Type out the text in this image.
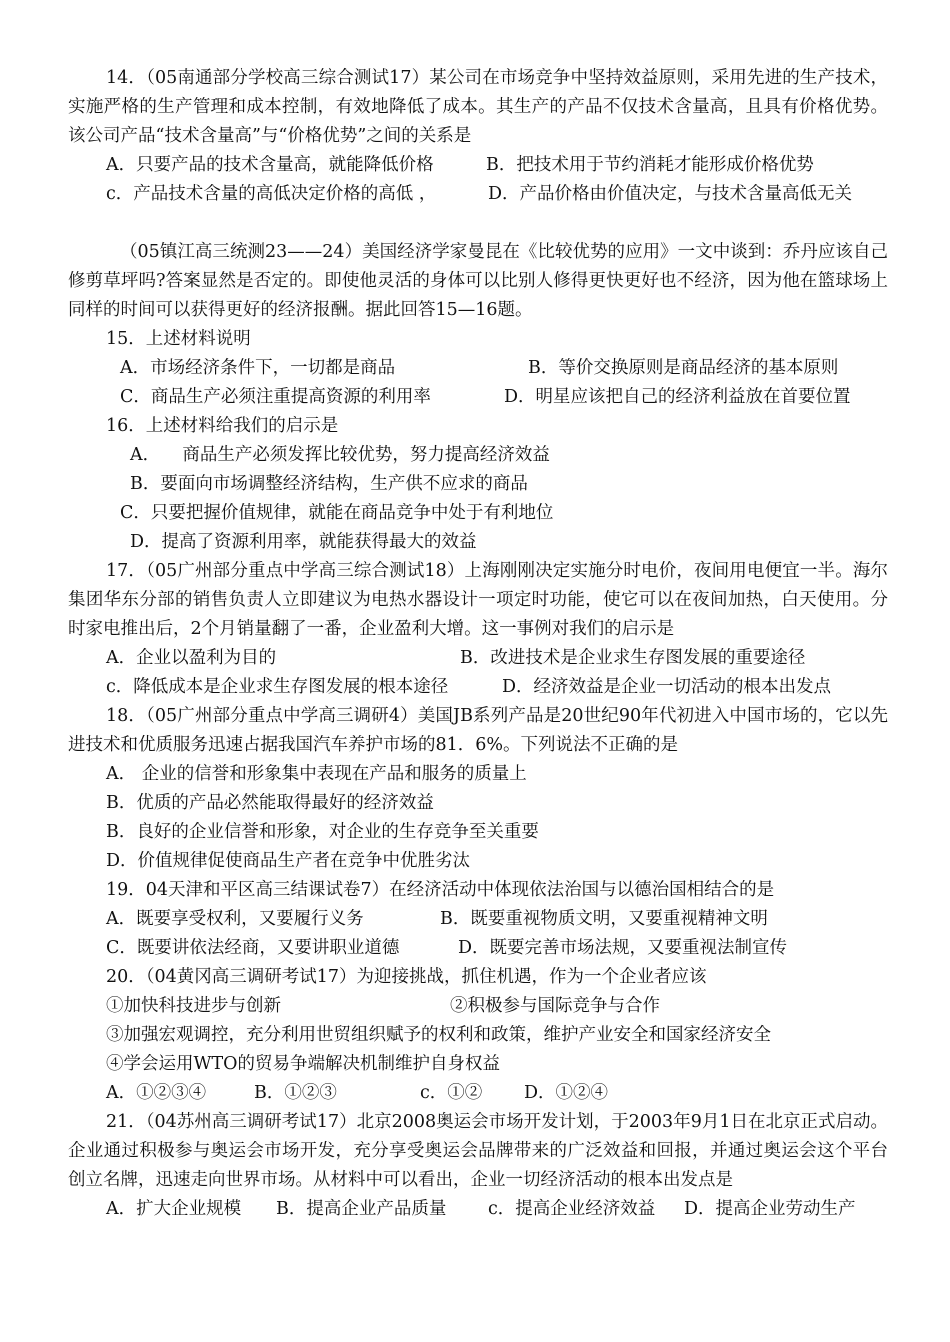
14．（05南通部分学校高三综合测试17）某公司在市场竞争中坚持效益原则，采用先进的生产技术，实施严格的生产管理和成本控制，有效地降低了成本。其生产的产品不仅技术含量高，且具有价格优势。该公司产品“技术含量高”与“价格优势”之间的关系是

A．只要产品的技术含量高，就能降低价格	B．把技术用于节约消耗才能形成价格优势
c．产品技术含量的高低决定价格的高低 ，	D．产品价格由价值决定，与技术含量高低无关

（05镇江高三统测23——24）美国经济学家曼昆在《比较优势的应用》一文中谈到：乔丹应该自己修剪草坪吗?答案显然是否定的。即使他灵活的身体可以比别人修得更快更好也不经济，因为他在篮球场上同样的时间可以获得更好的经济报酬。据此回答15—16题。

15．上述材料说明

A．市场经济条件下，一切都是商品	B．等价交换原则是商品经济的基本原则
C．商品生产必须注重提高资源的利用率	D．明星应该把自己的经济利益放在首要位置

16．上述材料给我们的启示是

A．    商品生产必须发挥比较优势，努力提高经济效益

B．要面向市场调整经济结构，生产供不应求的商品

C．只要把握价值规律，就能在商品竞争中处于有利地位

D．提高了资源利用率，就能获得最大的效益

17．（05广州部分重点中学高三综合测试18）上海刚刚决定实施分时电价，夜间用电便宜一半。海尔集团华东分部的销售负责人立即建议为电热水器设计一项定时功能，使它可以在夜间加热，白天使用。分时家电推出后，2个月销量翻了一番，企业盈利大增。这一事例对我们的启示是

A．企业以盈利为目的	B．改进技术是企业求生存图发展的重要途径
c．降低成本是企业求生存图发展的根本途径	D．经济效益是企业一切活动的根本出发点

18．（05广州部分重点中学高三调研4）美国JB系列产品是20世纪90年代初进入中国市场的，它以先进技术和优质服务迅速占据我国汽车养护市场的81．6%。下列说法不正确的是

A． 企业的信誉和形象集中表现在产品和服务的质量上

B．优质的产品必然能取得最好的经济效益

B．良好的企业信誉和形象，对企业的生存竞争至关重要

D．价值规律促使商品生产者在竞争中优胜劣汰

19．04天津和平区高三结课试卷7）在经济活动中体现依法治国与以德治国相结合的是

A．既要享受权利，又要履行义务	B．既要重视物质文明，又要重视精神文明
C．既要讲依法经商，又要讲职业道德	D．既要完善市场法规，又要重视法制宣传

20．（04黄冈高三调研考试17）为迎接挑战，抓住机遇，作为一个企业者应该

①加快科技进步与创新	②积极参与国际竞争与合作

③加强宏观调控，充分利用世贸组织赋予的权利和政策，维护产业安全和国家经济安全

④学会运用WTO的贸易争端解决机制维护自身权益

A．①②③④	B．①②③	c．①②	D．①②④

21．（04苏州高三调研考试17）北京2008奥运会市场开发计划，于2003年9月1日在北京正式启动。企业通过积极参与奥运会市场开发，充分享受奥运会品牌带来的广泛效益和回报，并通过奥运会这个平台创立名牌，迅速走向世界市场。从材料中可以看出，企业一切经济活动的根本出发点是

A．扩大企业规模	B．提高企业产品质量	c．提高企业经济效益	D．提高企业劳动生产
